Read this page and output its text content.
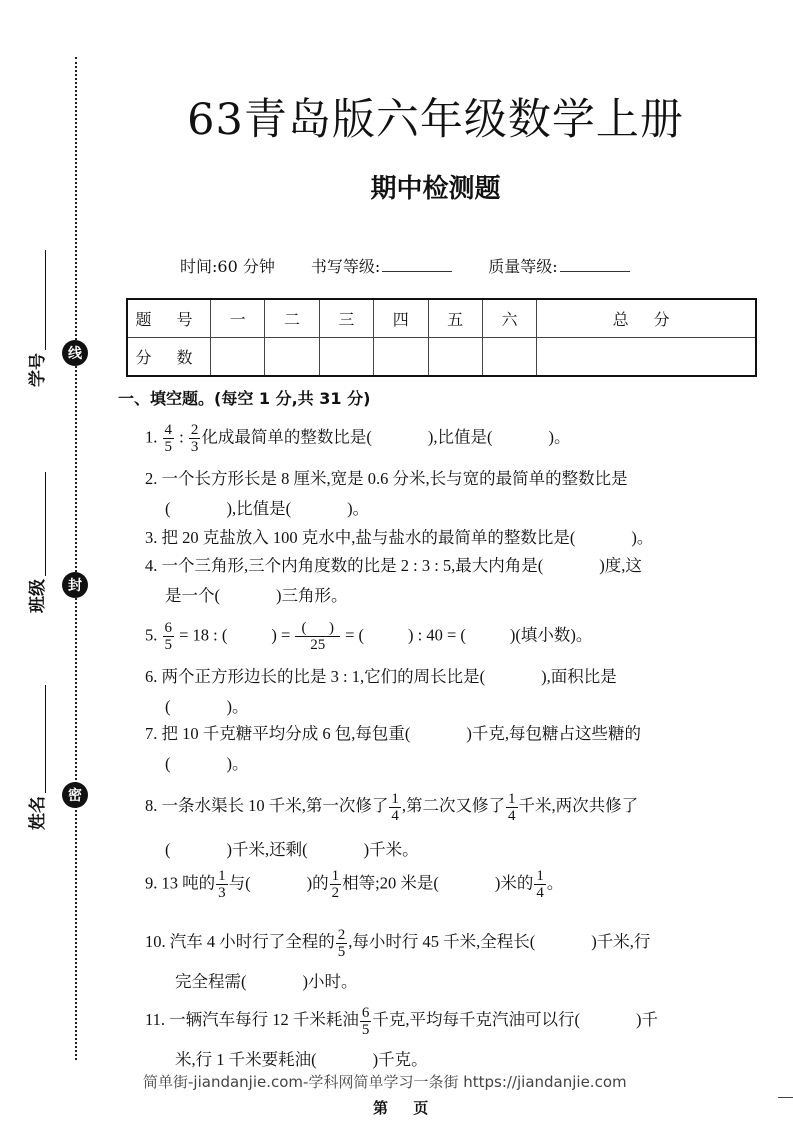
线
封
密
学号
班级
姓名
63青岛版六年级数学上册
期中检测题
时间:60 分钟 书写等级:	质量等级:
题 号	一	二	三	四	五	六	总 分
分 数							
一、填空题。(每空 1 分,共 31 分)
1. $\frac{4}{5}$ : $\frac{2}{3}$ 化成最简单的整数比是(	),比值是(	)。
2. 一个长方形长是 8 厘米,宽是 0.6 分米,长与宽的最简单的整数比是
(	),比值是(	)。
3. 把 20 克盐放入 100 克水中,盐与盐水的最简单的整数比是(	)。
4. 一个三角形,三个内角度数的比是 2 : 3 : 5,最大内角是(	)度,这
是一个(	)三角形。
5. $\frac{6}{5} = 18$ : (	) = $\frac{( )}{25}$ = (	) : 40 = (	)(填小数)。
6. 两个正方形边长的比是 3 : 1,它们的周长比是(	),面积比是
(	)。
7. 把 10 千克糖平均分成 6 包,每包重(	)千克,每包糖占这些糖的
(	)。
8. 一条水渠长 10 千米,第一次修了 $\frac{1}{4}$ ,第二次又修了 $\frac{1}{4}$ 千米,两次共修了
(	)千米,还剩(	)千米。
9. 13 吨的 $\frac{1}{3}$ 与(	)的 $\frac{1}{2}$ 相等;20 米是(	)米的 $\frac{1}{4}$ 。
10. 汽车 4 小时行了全程的 $\frac{2}{5}$ ,每小时行 45 千米,全程长(	)千米,行
完全程需(	)小时。
11. 一辆汽车每行 12 千米耗油 $\frac{6}{5}$ 千克,平均每千克汽油可以行(	)千
米,行 1 千米要耗油(	)千克。
简单街-jiandanjie.com-学科网简单学习一条街 https://jiandanjie.com
第 页
